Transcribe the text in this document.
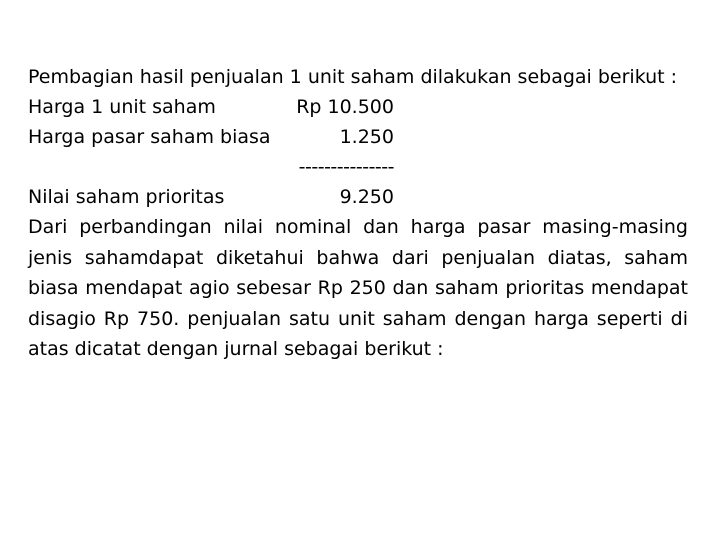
Pembagian hasil penjualan 1 unit saham dilakukan sebagai berikut :
Harga 1 unit saham	Rp 10.500
Harga pasar saham biasa	1.250
---------------
Nilai saham prioritas	9.250
Dari perbandingan nilai nominal dan harga pasar masing-masing jenis sahamdapat diketahui bahwa dari penjualan diatas, saham biasa mendapat agio sebesar Rp 250 dan saham prioritas mendapat disagio Rp 750. penjualan satu unit saham dengan harga seperti di atas dicatat dengan jurnal sebagai berikut :
